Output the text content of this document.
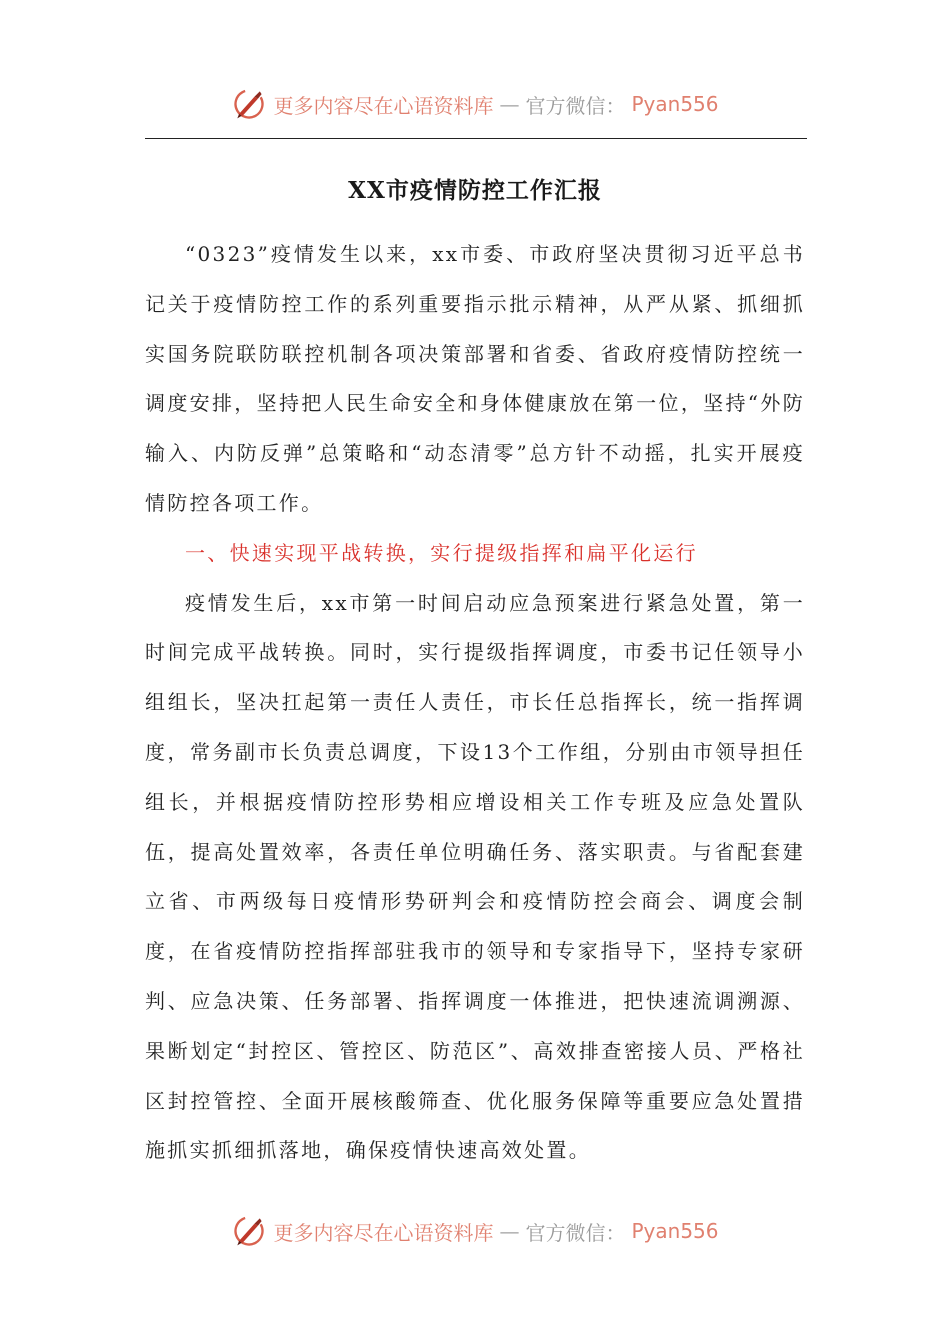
更多内容尽在心语资料库 — 官方微信： Pyan556
XX市疫情防控工作汇报

“0323”疫情发生以来，xx市委、市政府坚决贯彻习近平总书记关于疫情防控工作的系列重要指示批示精神，从严从紧、抓细抓实国务院联防联控机制各项决策部署和省委、省政府疫情防控统一调度安排，坚持把人民生命安全和身体健康放在第一位，坚持“外防输入、内防反弹”总策略和“动态清零”总方针不动摇，扎实开展疫情防控各项工作。

一、快速实现平战转换，实行提级指挥和扁平化运行

疫情发生后，xx市第一时间启动应急预案进行紧急处置，第一时间完成平战转换。同时，实行提级指挥调度，市委书记任领导小组组长，坚决扛起第一责任人责任，市长任总指挥长，统一指挥调度，常务副市长负责总调度，下设13个工作组，分别由市领导担任组长，并根据疫情防控形势相应增设相关工作专班及应急处置队伍，提高处置效率，各责任单位明确任务、落实职责。与省配套建立省、市两级每日疫情形势研判会和疫情防控会商会、调度会制度，在省疫情防控指挥部驻我市的领导和专家指导下，坚持专家研判、应急决策、任务部署、指挥调度一体推进，把快速流调溯源、果断划定“封控区、管控区、防范区”、高效排查密接人员、严格社区封控管控、全面开展核酸筛查、优化服务保障等重要应急处置措施抓实抓细抓落地，确保疫情快速高效处置。

更多内容尽在心语资料库 — 官方微信： Pyan556
